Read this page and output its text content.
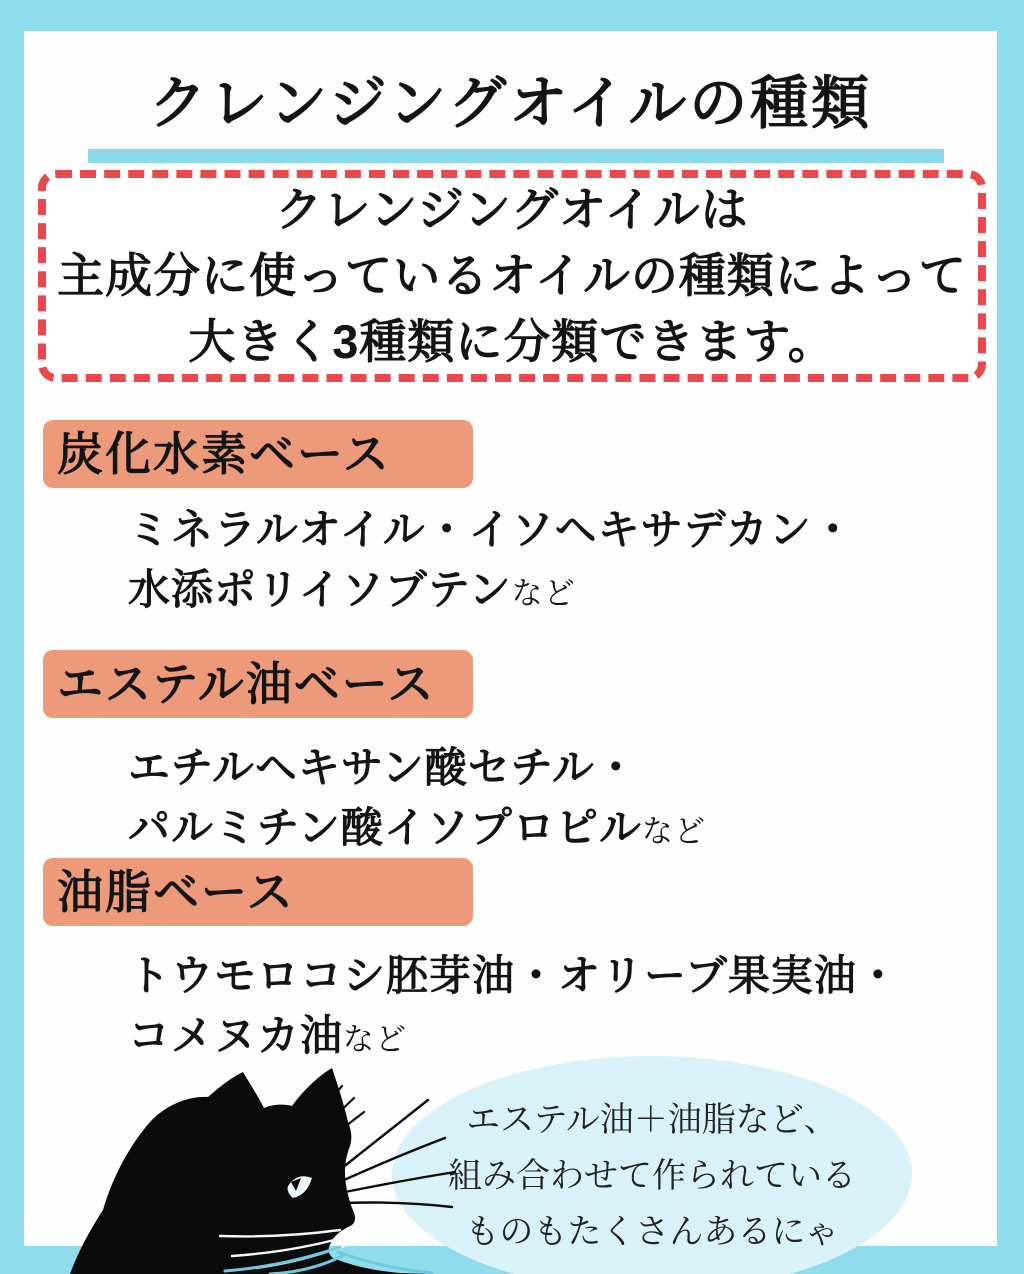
クレンジングオイルの種類
クレンジングオイルは
主成分に使っているオイルの種類によって
大きく3種類に分類できます。
炭化水素ベース
ミネラルオイル・イソヘキサデカン・
水添ポリイソブテンなど
エステル油ベース
エチルヘキサン酸セチル・
パルミチン酸イソプロピルなど
油脂ベース
トウモロコシ胚芽油・オリーブ果実油・
コメヌカ油など
エステル油＋油脂など、
組み合わせて作られている
ものもたくさんあるにゃ
